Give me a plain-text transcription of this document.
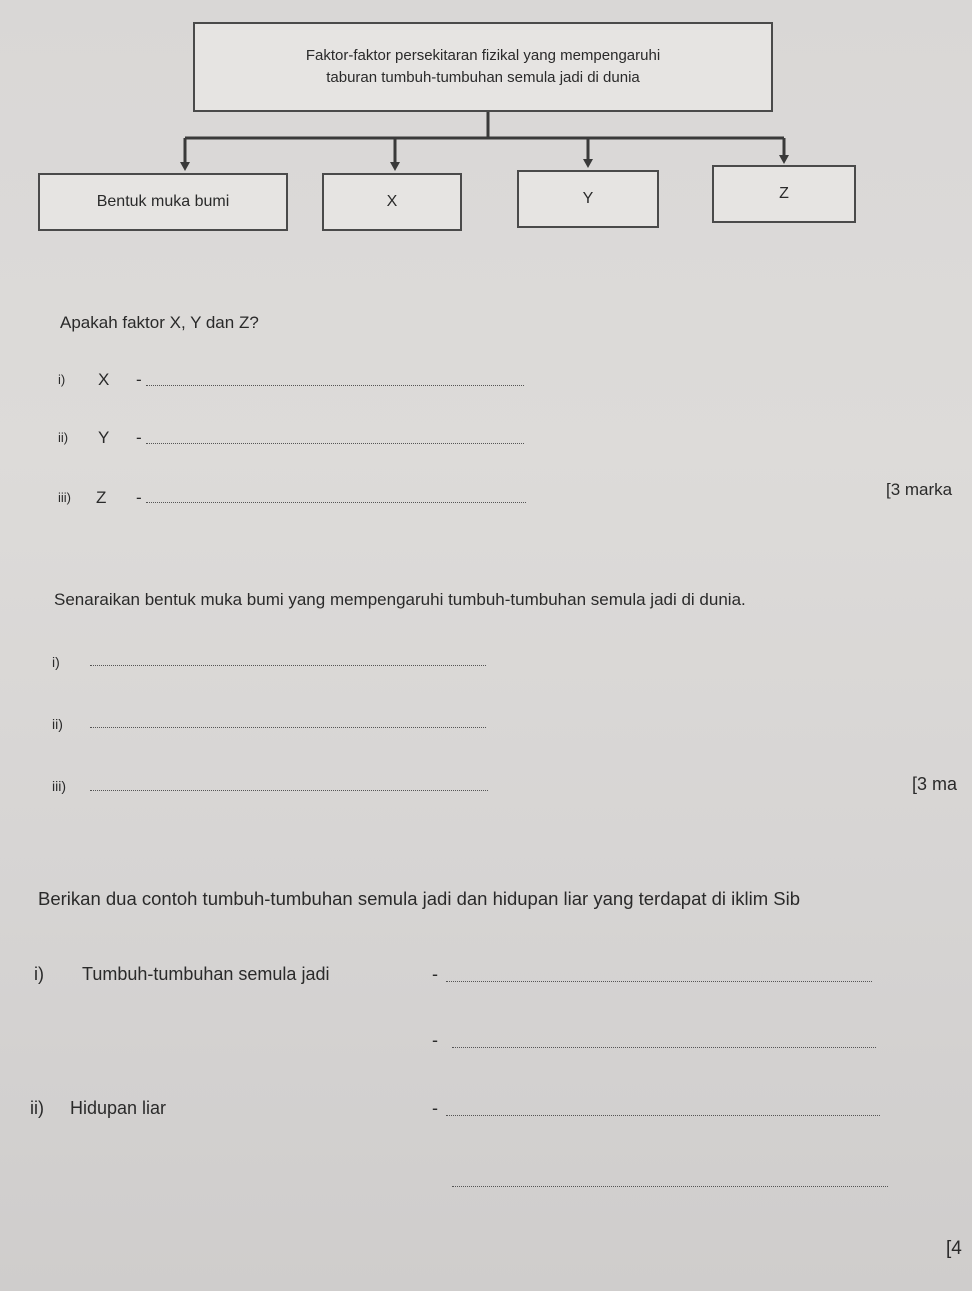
Faktor-faktor persekitaran fizikal yang mempengaruhi
taburan tumbuh-tumbuhan semula jadi di dunia
Bentuk muka bumi	X	Y	Z
Apakah faktor X, Y dan Z?
i) X -
ii) Y -
iii) Z -	[3 marka
Senaraikan bentuk muka bumi yang mempengaruhi tumbuh-tumbuhan semula jadi di dunia.
i)
ii)
iii)	[3 ma
Berikan dua contoh tumbuh-tumbuhan semula jadi dan hidupan liar yang terdapat di iklim Sib
i) Tumbuh-tumbuhan semula jadi	-
-
ii) Hidupan liar	-
[4
